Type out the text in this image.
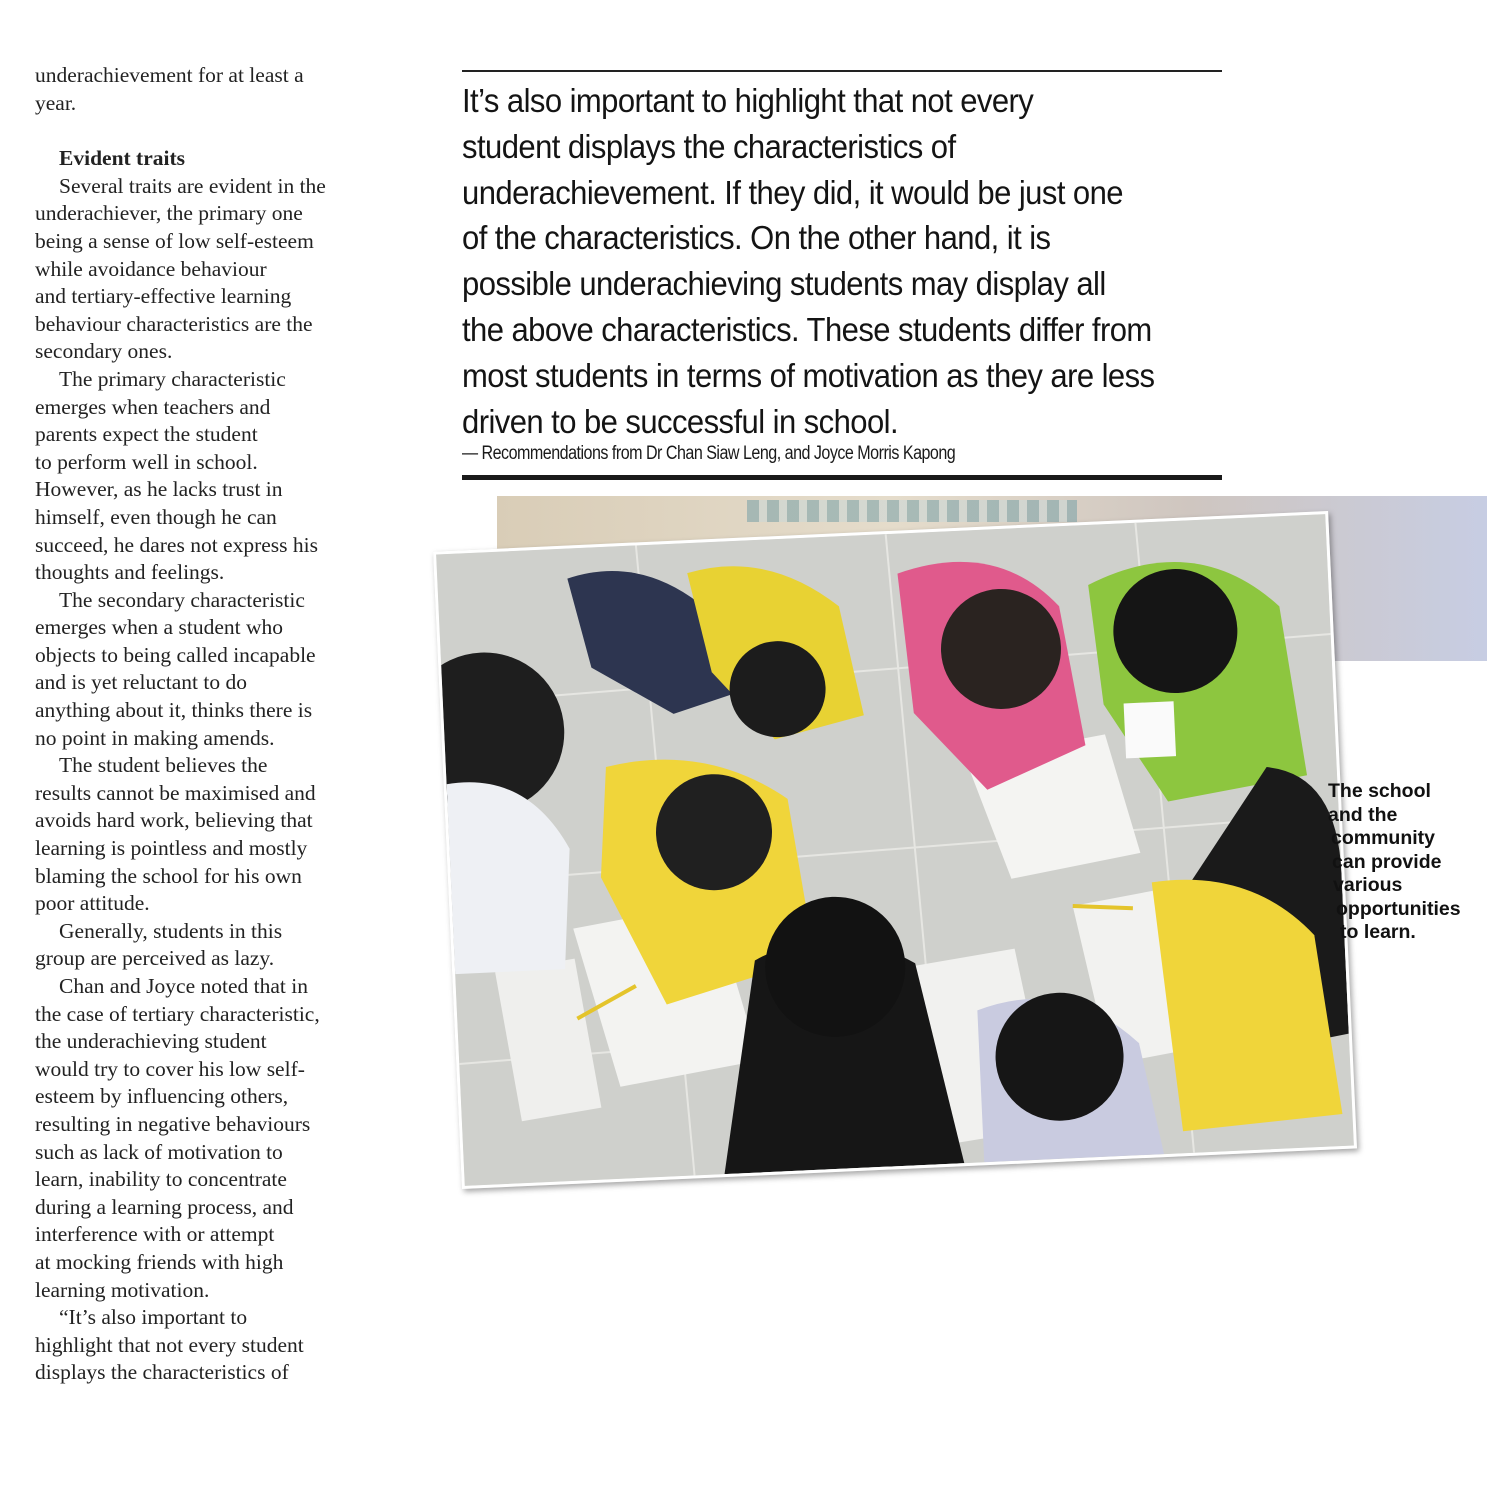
underachievement for at least a
year.
Evident traits
Several traits are evident in the
underachiever, the primary one
being a sense of low self-esteem
while avoidance behaviour
and tertiary-effective learning
behaviour characteristics are the
secondary ones.
The primary characteristic
emerges when teachers and
parents expect the student
to perform well in school.
However, as he lacks trust in
himself, even though he can
succeed, he dares not express his
thoughts and feelings.
The secondary characteristic
emerges when a student who
objects to being called incapable
and is yet reluctant to do
anything about it, thinks there is
no point in making amends.
The student believes the
results cannot be maximised and
avoids hard work, believing that
learning is pointless and mostly
blaming the school for his own
poor attitude.
Generally, students in this
group are perceived as lazy.
Chan and Joyce noted that in
the case of tertiary characteristic,
the underachieving student
would try to cover his low self-
esteem by influencing others,
resulting in negative behaviours
such as lack of motivation to
learn, inability to concentrate
during a learning process, and
interference with or attempt
at mocking friends with high
learning motivation.
“It’s also important to
highlight that not every student
displays the characteristics of
It’s also important to highlight that not every
student displays the characteristics of
underachievement. If they did, it would be just one
of the characteristics. On the other hand, it is
possible underachieving students may display all
the above characteristics. These students differ from
most students in terms of motivation as they are less
driven to be successful in school.
— Recommendations from Dr Chan Siaw Leng, and Joyce Morris Kapong
The school
and the
community
can provide
various
opportunities
to learn.
